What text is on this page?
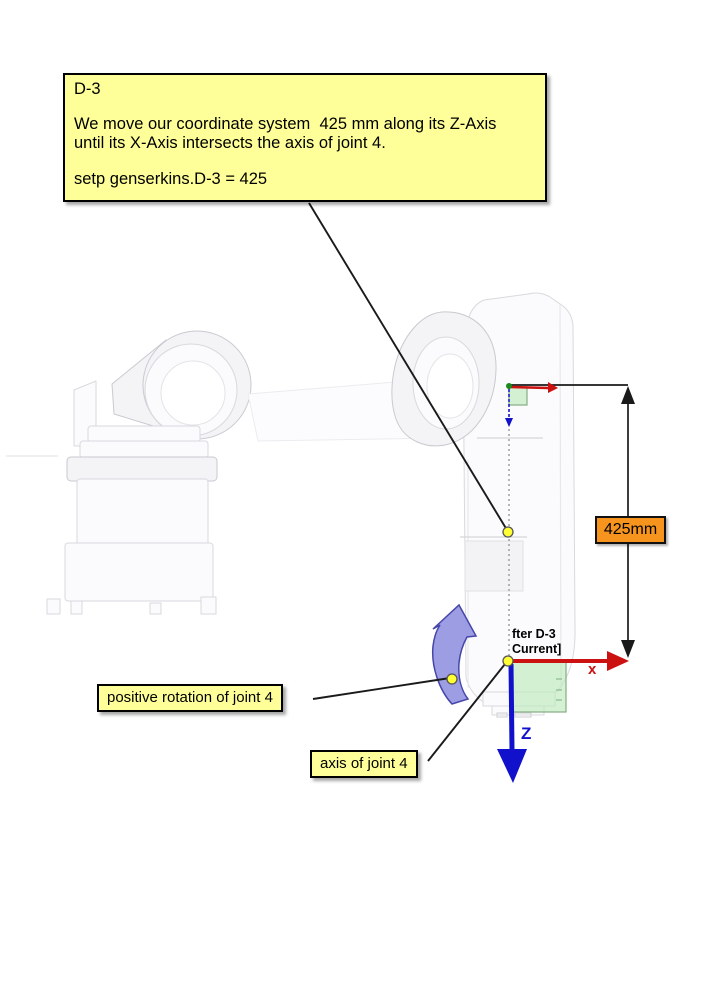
D-3
We move our coordinate system  425 mm along its Z-Axis
until its X-Axis intersects the axis of joint 4.
setp genserkins.D-3 = 425
positive rotation of joint 4
axis of joint 4
425mm
fter D-3
Current]
x
Z
